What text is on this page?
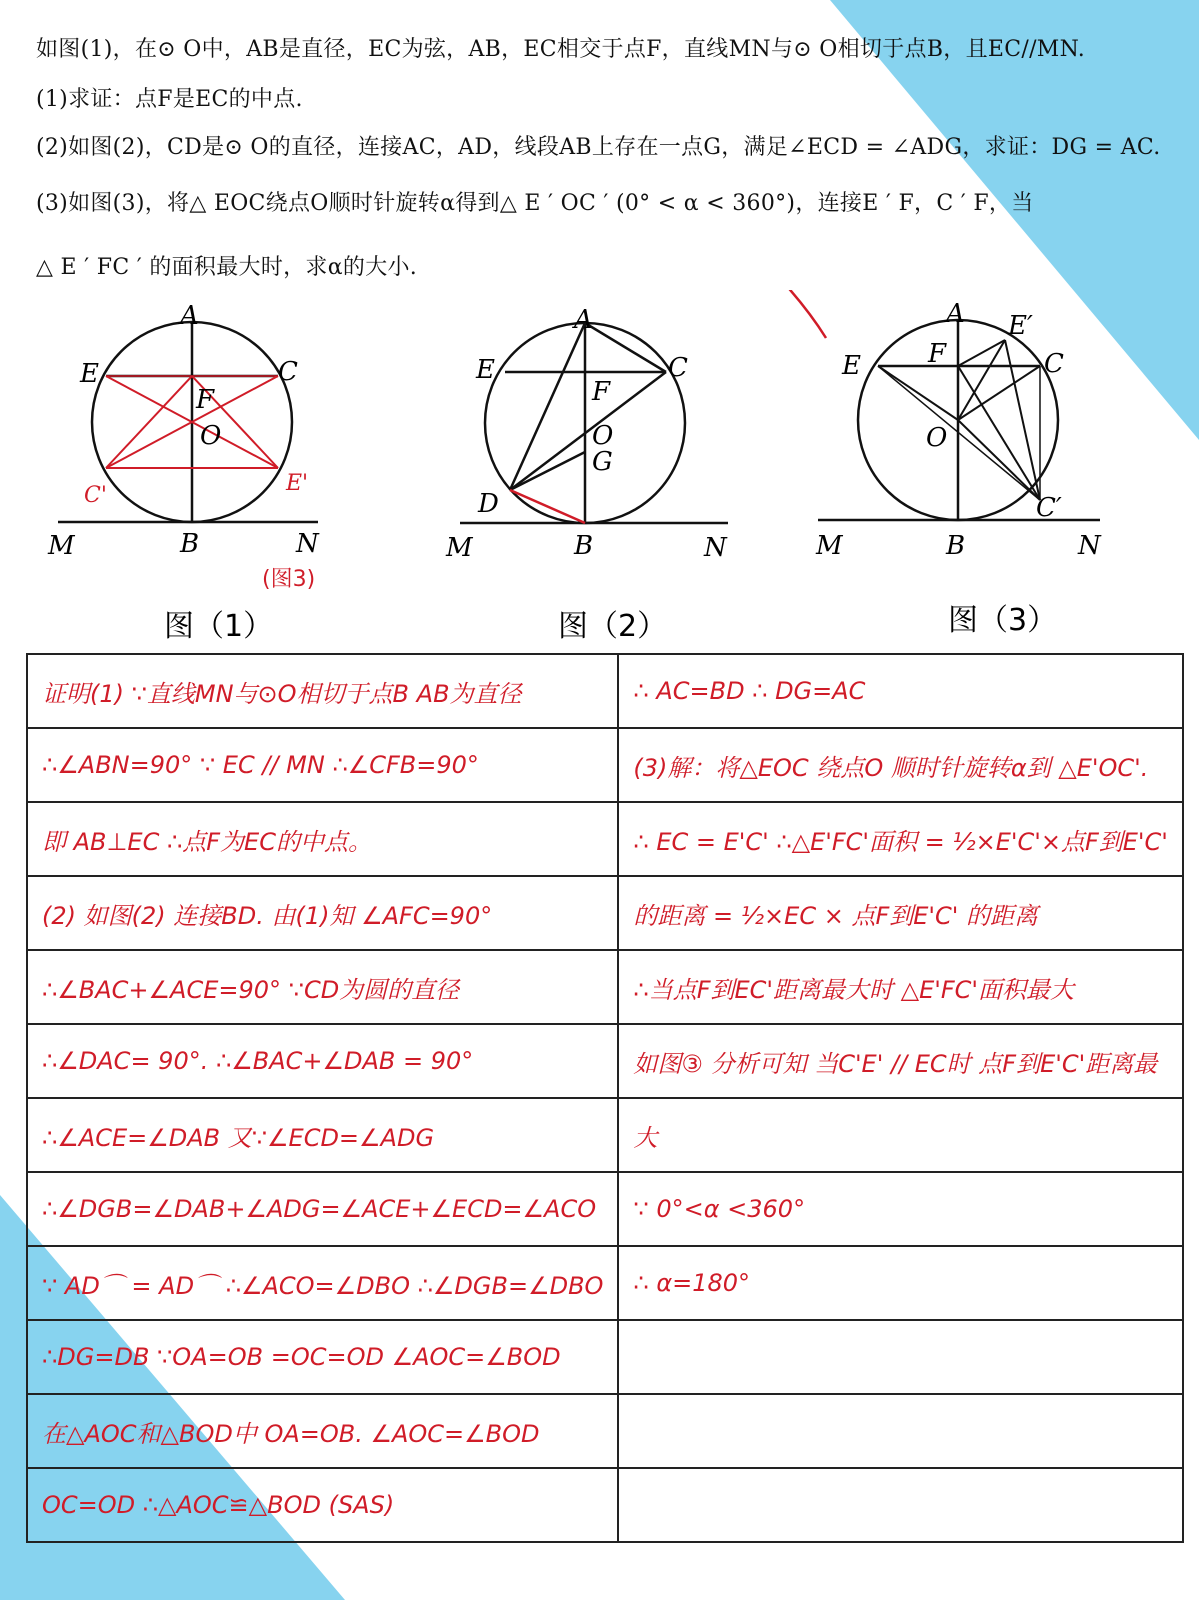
如图(1)，在⊙ O中，AB是直径，EC为弦，AB，EC相交于点F，直线MN与⊙ O相切于点B，且EC//MN.
(1)求证：点F是EC的中点.
(2)如图(2)，CD是⊙ O的直径，连接AC，AD，线段AB上存在一点G，满足∠ECD = ∠ADG，求证：DG = AC.
(3)如图(3)，将△ EOC绕点O顺时针旋转α得到△ E ′ OC ′ (0° < α < 360°)，连接E ′ F，C ′ F，当
△ E ′ FC ′ 的面积最大时，求α的大小.
A
E	C
F
O
C'	E'
M	B	N
(图3)
A
E	C
F
O
G
D
M	B	N
A E′
E	F	C
O
C′
M	B	N
图（1）	图（2）	图（3）
证明(1) ∵直线MN与⊙O相切于点B AB为直径	∴ AC=BD ∴ DG=AC
∴∠ABN=90° ∵ EC // MN ∴∠CFB=90°	(3)解：将△EOC 绕点O 顺时针旋转α到 △E'OC'.
即 AB⊥EC ∴点F为EC的中点。	∴ EC = E'C' ∴△E'FC'面积 = ½×E'C'×点F到E'C'
(2) 如图(2) 连接BD. 由(1)知 ∠AFC=90°	的距离 = ½×EC × 点F到E'C' 的距离
∴∠BAC+∠ACE=90° ∵CD为圆的直径	∴当点F到EC'距离最大时 △E'FC'面积最大
∴∠DAC= 90°. ∴∠BAC+∠DAB = 90°	如图③ 分析可知 当C'E' // EC时 点F到E'C'距离最
∴∠ACE=∠DAB 又∵∠ECD=∠ADG	大
∴∠DGB=∠DAB+∠ADG=∠ACE+∠ECD=∠ACO	∵ 0°<α <360°
∵ AD⌒ = AD⌒ ∴∠ACO=∠DBO ∴∠DGB=∠DBO	∴ α=180°
∴DG=DB ∵OA=OB =OC=OD ∠AOC=∠BOD	
在△AOC和△BOD中 OA=OB. ∠AOC=∠BOD	
OC=OD ∴△AOC≌△BOD (SAS)	
